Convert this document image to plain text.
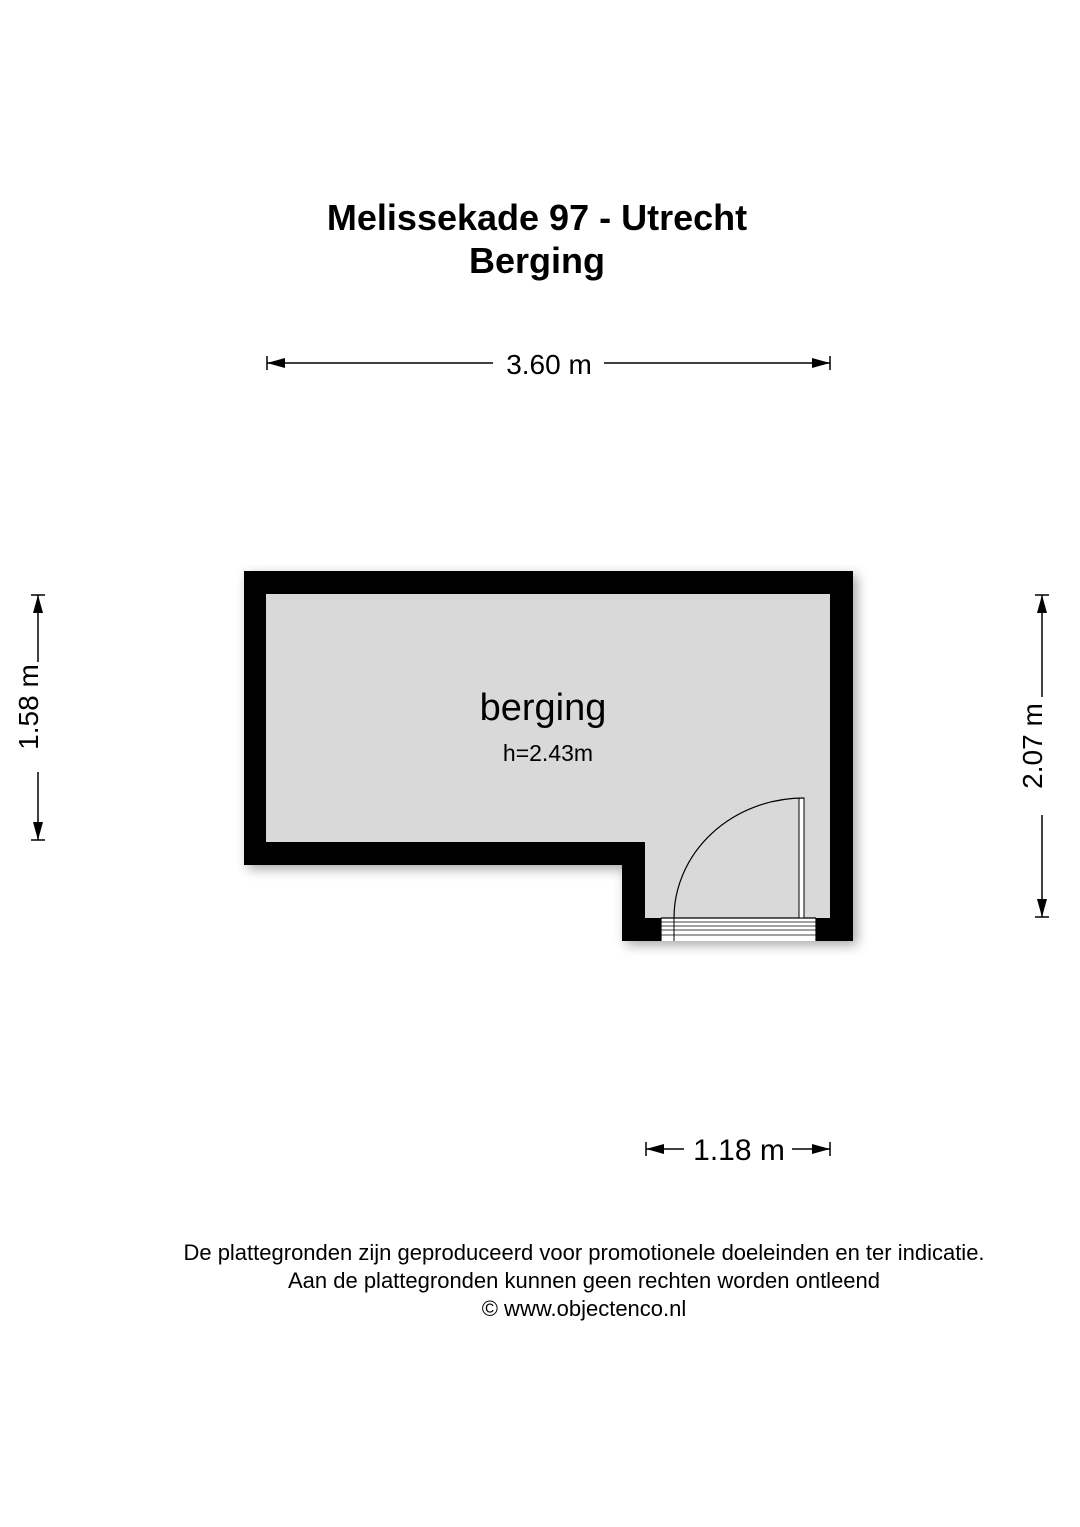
Melissekade 97 - Utrecht
Berging
3.60 m
1.58 m	2.07 m
1.18 m
berging
h=2.43m
De plattegronden zijn geproduceerd voor promotionele doeleinden en ter indicatie.
Aan de plattegronden kunnen geen rechten worden ontleend
© www.objectenco.nl
